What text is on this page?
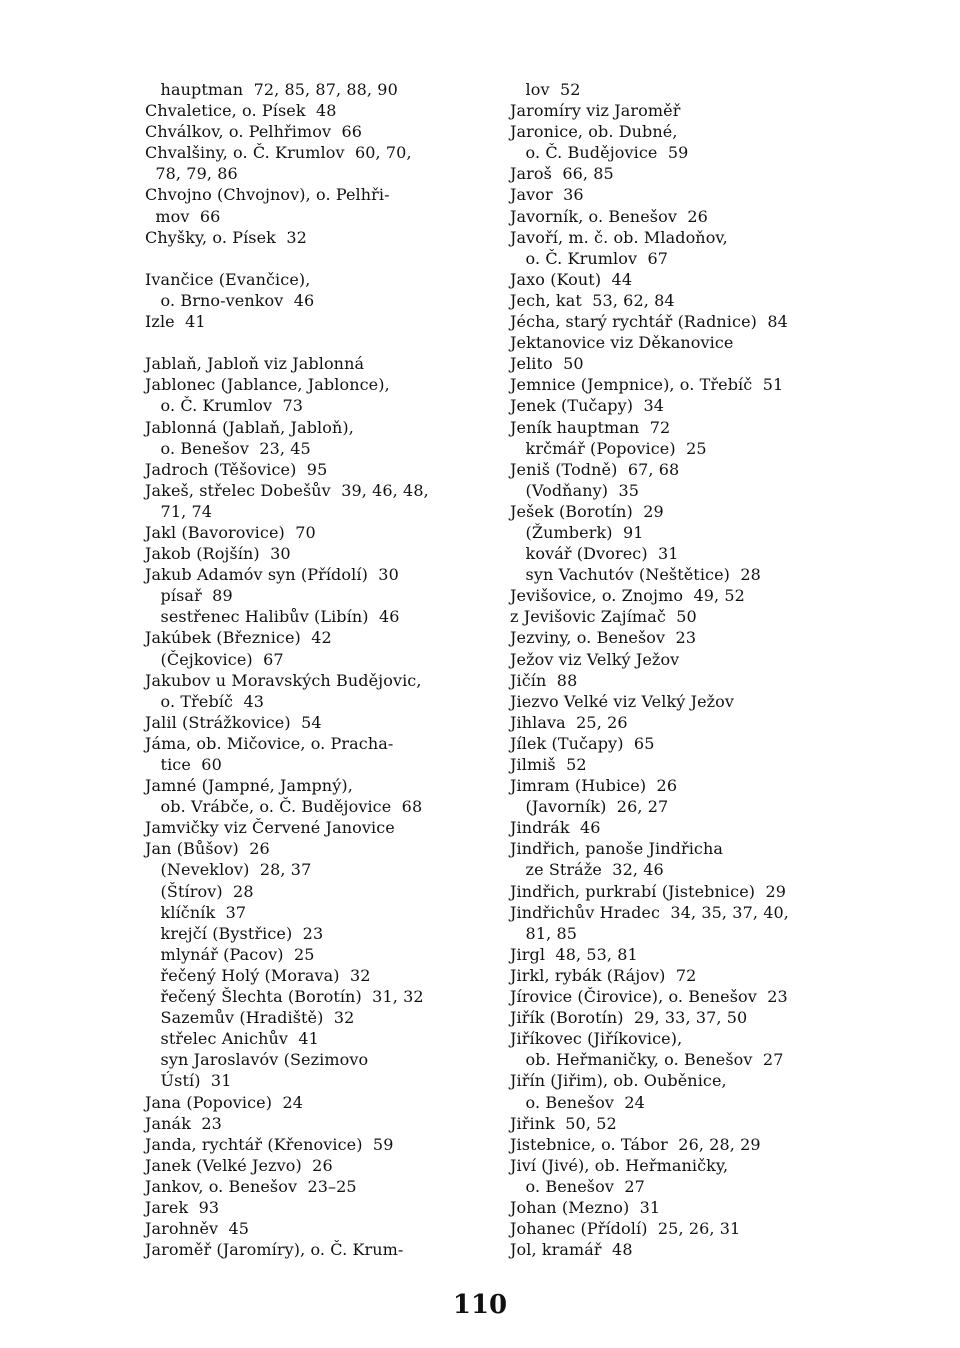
hauptman  72, 85, 87, 88, 90
Chvaletice, o. Písek  48
Chválkov, o. Pelhřimov  66
Chvalšiny, o. Č. Krumlov  60, 70,
78, 79, 86
Chvojno (Chvojnov), o. Pelhři-
mov  66
Chyšky, o. Písek  32
Ivančice (Evančice),
o. Brno-venkov  46
Izle  41
Jablaň, Jabloň viz Jablonná
Jablonec (Jablance, Jablonce),
o. Č. Krumlov  73
Jablonná (Jablaň, Jabloň),
o. Benešov  23, 45
Jadroch (Těšovice)  95
Jakeš, střelec Dobešův  39, 46, 48,
71, 74
Jakl (Bavorovice)  70
Jakob (Rojšín)  30
Jakub Adamóv syn (Přídolí)  30
písař  89
sestřenec Halibův (Libín)  46
Jakúbek (Březnice)  42
(Čejkovice)  67
Jakubov u Moravských Budějovic,
o. Třebíč  43
Jalil (Strážkovice)  54
Jáma, ob. Mičovice, o. Pracha-
tice  60
Jamné (Jampné, Jampný),
ob. Vrábče, o. Č. Budějovice  68
Jamvičky viz Červené Janovice
Jan (Bůšov)  26
(Neveklov)  28, 37
(Štírov)  28
klíčník  37
krejčí (Bystřice)  23
mlynář (Pacov)  25
řečený Holý (Morava)  32
řečený Šlechta (Borotín)  31, 32
Sazemův (Hradiště)  32
střelec Anichův  41
syn Jaroslavóv (Sezimovo
Ústí)  31
Jana (Popovice)  24
Janák  23
Janda, rychtář (Křenovice)  59
Janek (Velké Jezvo)  26
Jankov, o. Benešov  23–25
Jarek  93
Jarohněv  45
Jaroměř (Jaromíry), o. Č. Krum-
lov  52
Jaromíry viz Jaroměř
Jaronice, ob. Dubné,
o. Č. Budějovice  59
Jaroš  66, 85
Javor  36
Javorník, o. Benešov  26
Javoří, m. č. ob. Mladoňov,
o. Č. Krumlov  67
Jaxo (Kout)  44
Jech, kat  53, 62, 84
Jécha, starý rychtář (Radnice)  84
Jektanovice viz Děkanovice
Jelito  50
Jemnice (Jempnice), o. Třebíč  51
Jenek (Tučapy)  34
Jeník hauptman  72
krčmář (Popovice)  25
Jeniš (Todně)  67, 68
(Vodňany)  35
Ješek (Borotín)  29
(Žumberk)  91
kovář (Dvorec)  31
syn Vachutóv (Neštětice)  28
Jevišovice, o. Znojmo  49, 52
z Jevišovic Zajímač  50
Jezviny, o. Benešov  23
Ježov viz Velký Ježov
Jičín  88
Jiezvo Velké viz Velký Ježov
Jihlava  25, 26
Jílek (Tučapy)  65
Jilmiš  52
Jimram (Hubice)  26
(Javorník)  26, 27
Jindrák  46
Jindřich, panoše Jindřicha
ze Stráže  32, 46
Jindřich, purkrabí (Jistebnice)  29
Jindřichův Hradec  34, 35, 37, 40,
81, 85
Jirgl  48, 53, 81
Jirkl, rybák (Rájov)  72
Jírovice (Čirovice), o. Benešov  23
Jiřík (Borotín)  29, 33, 37, 50
Jiříkovec (Jiříkovice),
ob. Heřmaničky, o. Benešov  27
Jiřín (Jiřim), ob. Ouběnice,
o. Benešov  24
Jiřink  50, 52
Jistebnice, o. Tábor  26, 28, 29
Jiví (Jivé), ob. Heřmaničky,
o. Benešov  27
Johan (Mezno)  31
Johanec (Přídolí)  25, 26, 31
Jol, kramář  48
110
